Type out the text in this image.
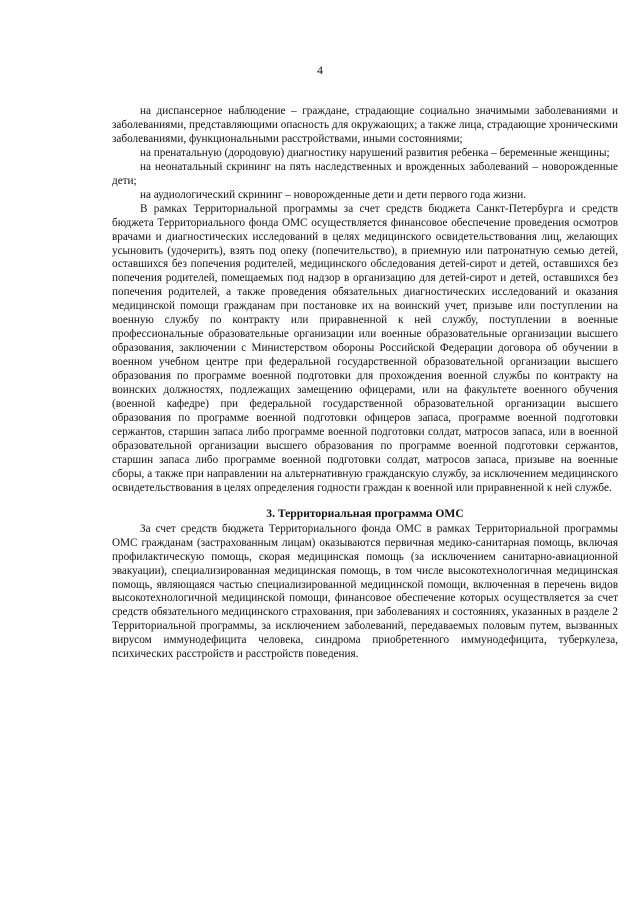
4

на диспансерное наблюдение – граждане, страдающие социально значимыми заболеваниями и заболеваниями, представляющими опасность для окружающих; а также лица, страдающие хроническими заболеваниями, функциональными расстройствами, иными состояниями;

на пренатальную (дородовую) диагностику нарушений развития ребенка – беременные женщины;

на неонатальный скрининг на пять наследственных и врожденных заболеваний – новорожденные дети;

на аудиологический скрининг – новорожденные дети и дети первого года жизни.

В рамках Территориальной программы за счет средств бюджета Санкт-Петербурга и средств бюджета Территориального фонда ОМС осуществляется финансовое обеспечение проведения осмотров врачами и диагностических исследований в целях медицинского освидетельствования лиц, желающих усыновить (удочерить), взять под опеку (попечительство), в приемную или патронатную семью детей, оставшихся без попечения родителей, медицинского обследования детей-сирот и детей, оставшихся без попечения родителей, помещаемых под надзор в организацию для детей-сирот и детей, оставшихся без попечения родителей, а также проведения обязательных диагностических исследований и оказания медицинской помощи гражданам при постановке их на воинский учет, призыве или поступлении на военную службу по контракту или приравненной к ней службу, поступлении в военные профессиональные образовательные организации или военные образовательные организации высшего образования, заключении с Министерством обороны Российской Федерации договора об обучении в военном учебном центре при федеральной государственной образовательной организации высшего образования по программе военной подготовки для прохождения военной службы по контракту на воинских должностях, подлежащих замещению офицерами, или на факультете военного обучения (военной кафедре) при федеральной государственной образовательной организации высшего образования по программе военной подготовки офицеров запаса, программе военной подготовки сержантов, старшин запаса либо программе военной подготовки солдат, матросов запаса, или в военной образовательной организации высшего образования по программе военной подготовки сержантов, старшин запаса либо программе военной подготовки солдат, матросов запаса, призыве на военные сборы, а также при направлении на альтернативную гражданскую службу, за исключением медицинского освидетельствования в целях определения годности граждан к военной или приравненной к ней службе.

3. Территориальная программа ОМС

За счет средств бюджета Территориального фонда ОМС в рамках Территориальной программы ОМС гражданам (застрахованным лицам) оказываются первичная медико-санитарная помощь, включая профилактическую помощь, скорая медицинская помощь (за исключением санитарно-авиационной эвакуации), специализированная медицинская помощь, в том числе высокотехнологичная медицинская помощь, являющаяся частью специализированной медицинской помощи, включенная в перечень видов высокотехнологичной медицинской помощи, финансовое обеспечение которых осуществляется за счет средств обязательного медицинского страхования, при заболеваниях и состояниях, указанных в разделе 2 Территориальной программы, за исключением заболеваний, передаваемых половым путем, вызванных вирусом иммунодефицита человека, синдрома приобретенного иммунодефицита, туберкулеза, психических расстройств и расстройств поведения.
